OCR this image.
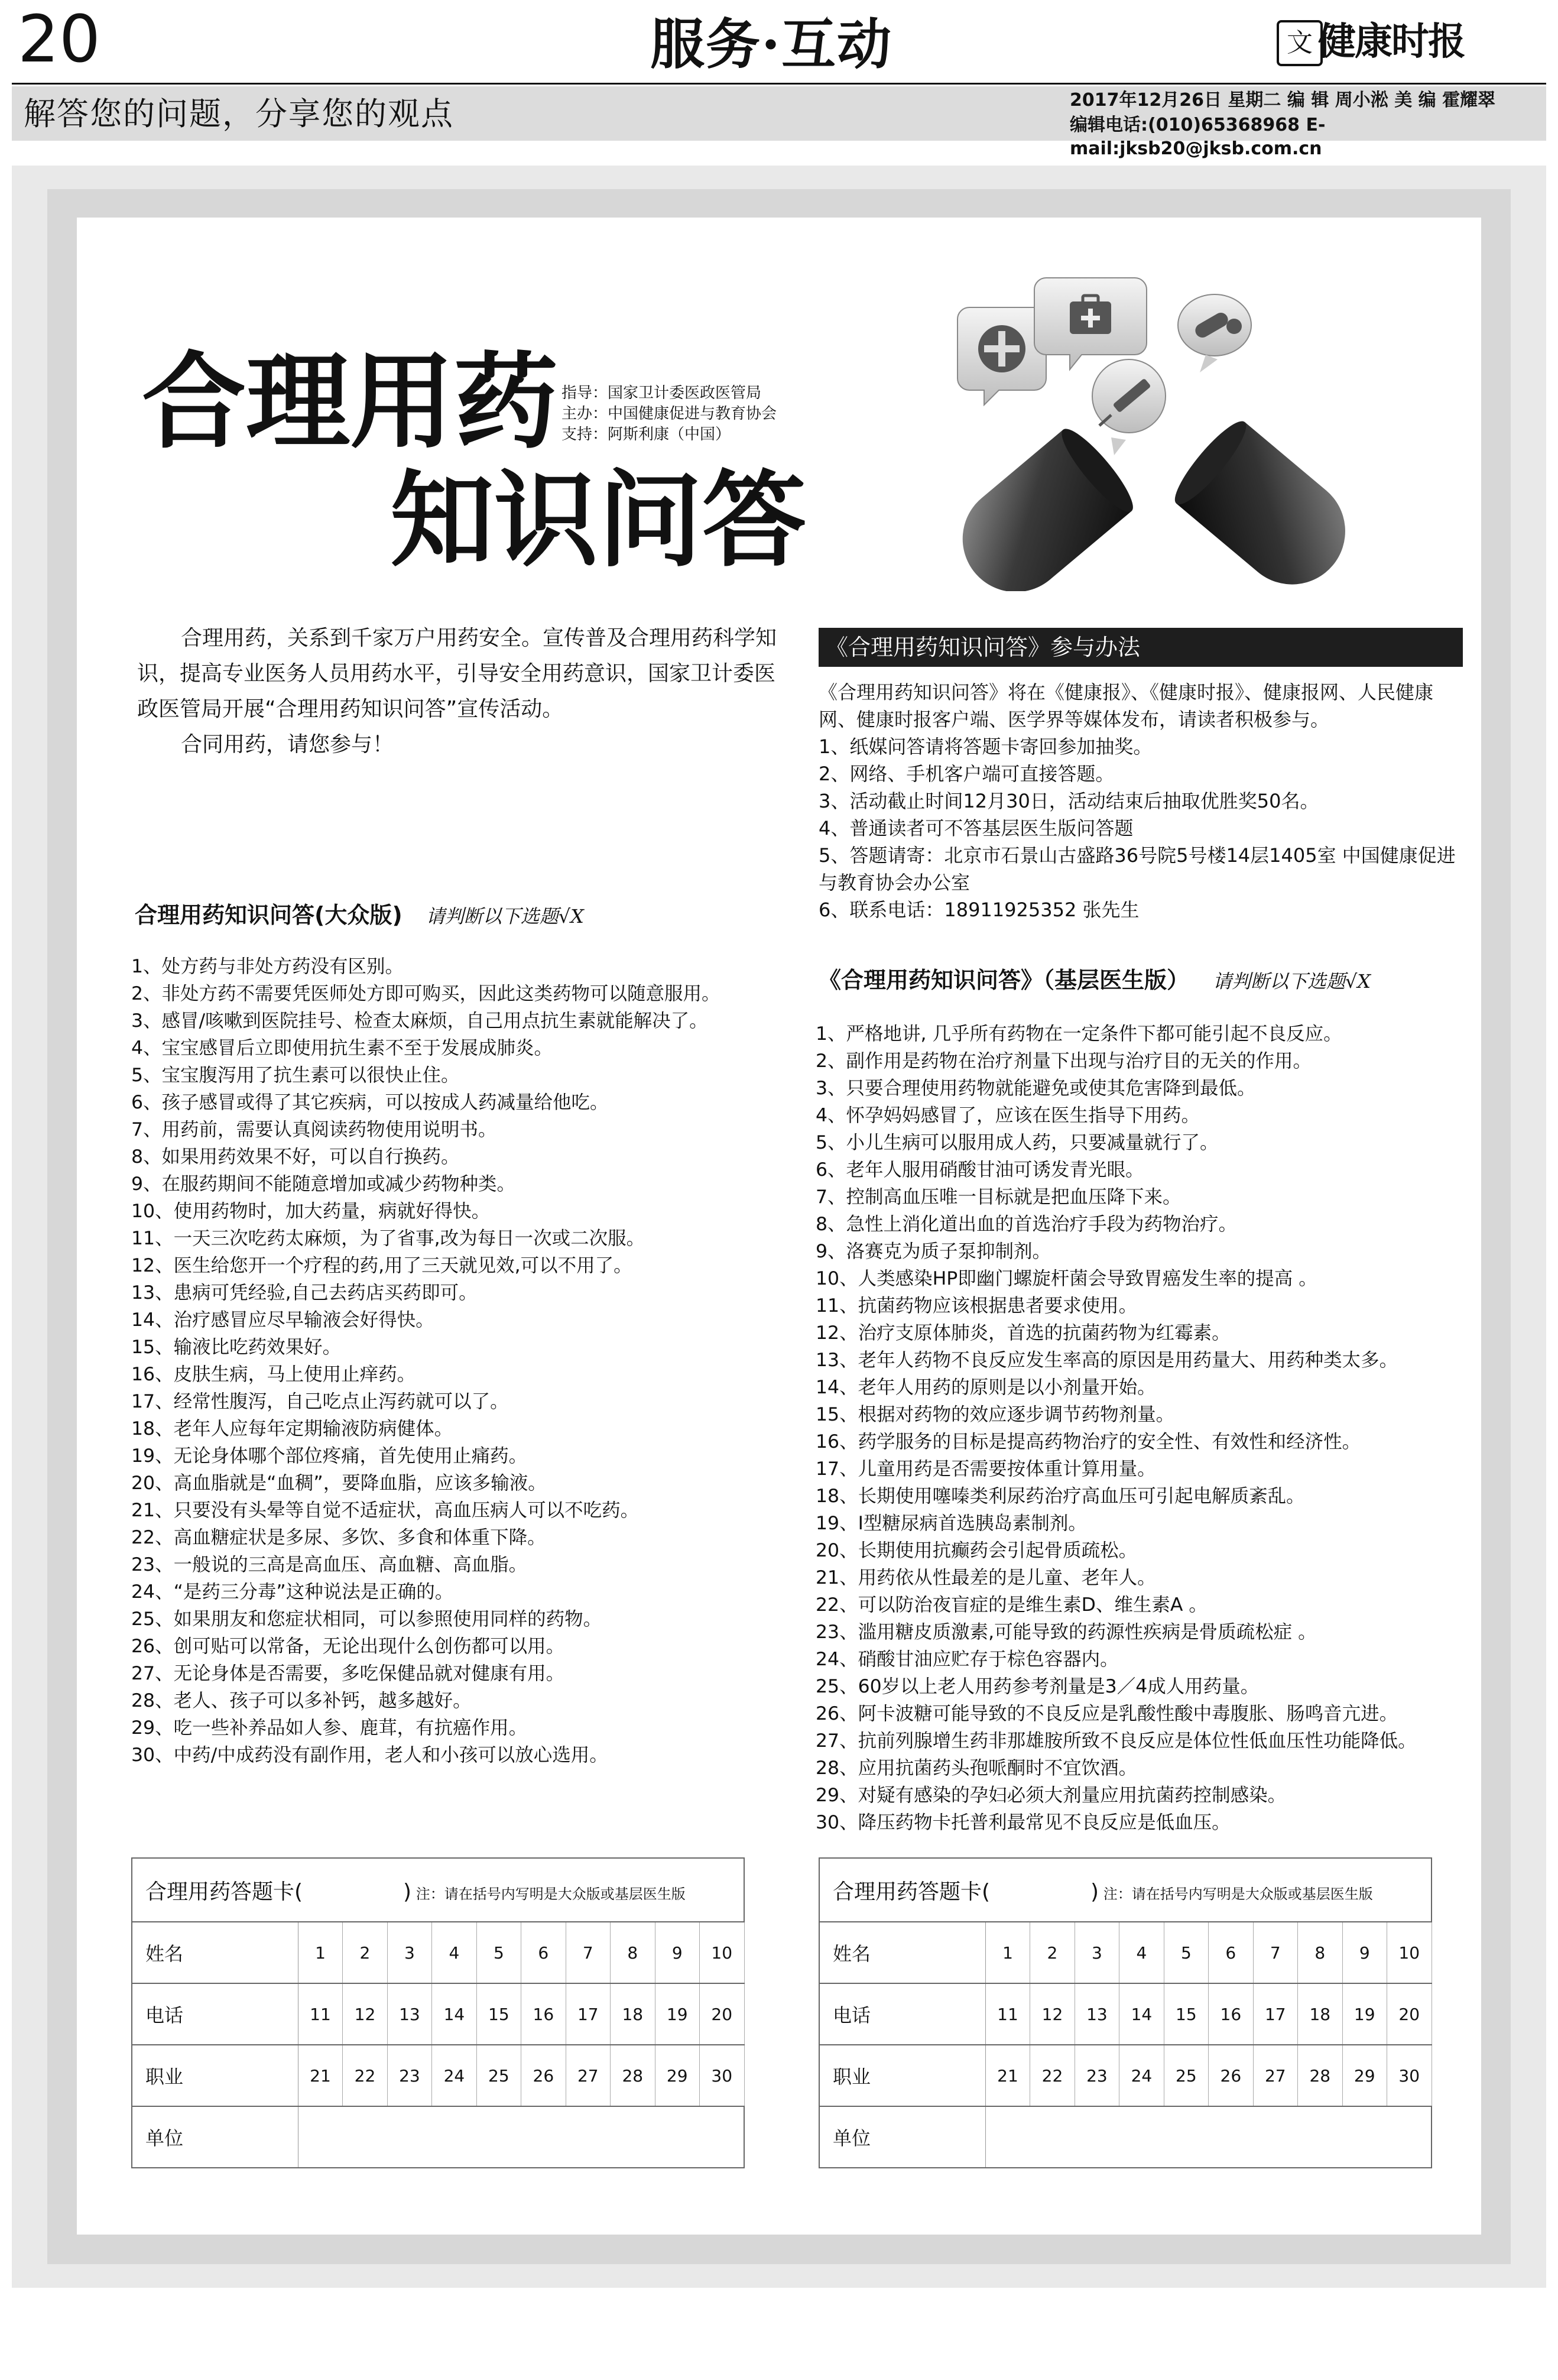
20	服务·互动	文 健康时报
解答您的问题，分享您的观点	2017年12月26日 星期二 编 辑 周小淞 美 编 霍耀翠
编辑电话:(010)65368968 E-mail:jksb20@jksb.com.cn
合理用药
知识问答
指导：国家卫计委医政医管局
主办：中国健康促进与教育协会
支持：阿斯利康（中国）

合理用药，关系到千家万户用药安全。宣传普及合理用药科学知识，提高专业医务人员用药水平，引导安全用药意识，国家卫计委医政医管局开展“合理用药知识问答”宣传活动。

合同用药，请您参与！

《合理用药知识问答》参与办法
《合理用药知识问答》将在《健康报》、《健康时报》、健康报网、人民健康网、健康时报客户端、医学界等媒体发布，请读者积极参与。
1、纸媒问答请将答题卡寄回参加抽奖。
2、网络、手机客户端可直接答题。
3、活动截止时间12月30日，活动结束后抽取优胜奖50名。
4、普通读者可不答基层医生版问答题
5、答题请寄：北京市石景山古盛路36号院5号楼14层1405室 中国健康促进与教育协会办公室
6、联系电话：18911925352 张先生
合理用药知识问答(大众版) 请判断以下选题√X
1、处方药与非处方药没有区别。
2、非处方药不需要凭医师处方即可购买，因此这类药物可以随意服用。
3、感冒/咳嗽到医院挂号、检查太麻烦，自己用点抗生素就能解决了。
4、宝宝感冒后立即使用抗生素不至于发展成肺炎。
5、宝宝腹泻用了抗生素可以很快止住。
6、孩子感冒或得了其它疾病，可以按成人药减量给他吃。
7、用药前，需要认真阅读药物使用说明书。
8、如果用药效果不好，可以自行换药。
9、在服药期间不能随意增加或减少药物种类。
10、使用药物时，加大药量，病就好得快。
11、一天三次吃药太麻烦，为了省事,改为每日一次或二次服。
12、医生给您开一个疗程的药,用了三天就见效,可以不用了。
13、患病可凭经验,自己去药店买药即可。
14、治疗感冒应尽早输液会好得快。
15、输液比吃药效果好。
16、皮肤生病，马上使用止痒药。
17、经常性腹泻，自己吃点止泻药就可以了。
18、老年人应每年定期输液防病健体。
19、无论身体哪个部位疼痛，首先使用止痛药。
20、高血脂就是“血稠”，要降血脂，应该多输液。
21、只要没有头晕等自觉不适症状，高血压病人可以不吃药。
22、高血糖症状是多尿、多饮、多食和体重下降。
23、一般说的三高是高血压、高血糖、高血脂。
24、“是药三分毒”这种说法是正确的。
25、如果朋友和您症状相同，可以参照使用同样的药物。
26、创可贴可以常备，无论出现什么创伤都可以用。
27、无论身体是否需要，多吃保健品就对健康有用。
28、老人、孩子可以多补钙，越多越好。
29、吃一些补养品如人参、鹿茸，有抗癌作用。
30、中药/中成药没有副作用，老人和小孩可以放心选用。
《合理用药知识问答》（基层医生版） 请判断以下选题√X
1、严格地讲, 几乎所有药物在一定条件下都可能引起不良反应。
2、副作用是药物在治疗剂量下出现与治疗目的无关的作用。
3、只要合理使用药物就能避免或使其危害降到最低。
4、怀孕妈妈感冒了，应该在医生指导下用药。
5、小儿生病可以服用成人药，只要减量就行了。
6、老年人服用硝酸甘油可诱发青光眼。
7、控制高血压唯一目标就是把血压降下来。
8、急性上消化道出血的首选治疗手段为药物治疗。
9、洛赛克为质子泵抑制剂。
10、人类感染HP即幽门螺旋杆菌会导致胃癌发生率的提高 。
11、抗菌药物应该根据患者要求使用。
12、治疗支原体肺炎，首选的抗菌药物为红霉素。
13、老年人药物不良反应发生率高的原因是用药量大、用药种类太多。
14、老年人用药的原则是以小剂量开始。
15、根据对药物的效应逐步调节药物剂量。
16、药学服务的目标是提高药物治疗的安全性、有效性和经济性。
17、儿童用药是否需要按体重计算用量。
18、长期使用噻嗪类利尿药治疗高血压可引起电解质紊乱。
19、Ⅰ型糖尿病首选胰岛素制剂。
20、长期使用抗癫药会引起骨质疏松。
21、用药依从性最差的是儿童、老年人。
22、可以防治夜盲症的是维生素D、维生素A 。
23、滥用糖皮质激素,可能导致的药源性疾病是骨质疏松症 。
24、硝酸甘油应贮存于棕色容器内。
25、60岁以上老人用药参考剂量是3／4成人用药量。
26、阿卡波糖可能导致的不良反应是乳酸性酸中毒腹胀、肠鸣音亢进。
27、抗前列腺增生药非那雄胺所致不良反应是体位性低血压性功能降低。
28、应用抗菌药头孢哌酮时不宜饮酒。
29、对疑有感染的孕妇必须大剂量应用抗菌药控制感染。
30、降压药物卡托普利最常见不良反应是低血压。
合理用药答题卡( ) 注：请在括号内写明是大众版或基层医生版										
姓名	1	2	3	4	5	6	7	8	9	10
电话	11	12	13	14	15	16	17	18	19	20
职业	21	22	23	24	25	26	27	28	29	30
单位										
合理用药答题卡( ) 注：请在括号内写明是大众版或基层医生版										
姓名	1	2	3	4	5	6	7	8	9	10
电话	11	12	13	14	15	16	17	18	19	20
职业	21	22	23	24	25	26	27	28	29	30
单位										
